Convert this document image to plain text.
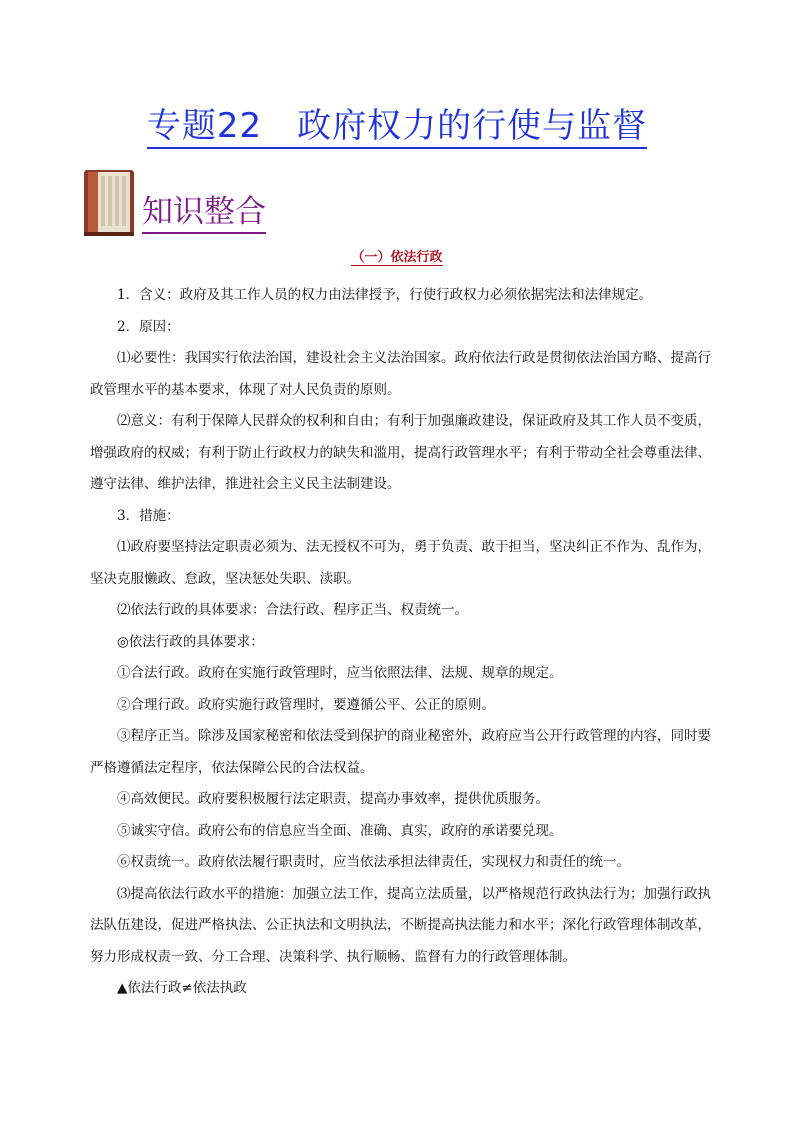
专题22　政府权力的行使与监督
知识整合
（一）依法行政

1．含义：政府及其工作人员的权力由法律授予，行使行政权力必须依据宪法和法律规定。

2．原因：

⑴必要性：我国实行依法治国，建设社会主义法治国家。政府依法行政是贯彻依法治国方略、提高行政管理水平的基本要求，体现了对人民负责的原则。

⑵意义：有利于保障人民群众的权利和自由；有利于加强廉政建设，保证政府及其工作人员不变质，增强政府的权威；有利于防止行政权力的缺失和滥用，提高行政管理水平；有利于带动全社会尊重法律、遵守法律、维护法律，推进社会主义民主法制建设。

3．措施：

⑴政府要坚持法定职责必须为、法无授权不可为，勇于负责、敢于担当，坚决纠正不作为、乱作为，坚决克服懒政、怠政，坚决惩处失职、渎职。

⑵依法行政的具体要求：合法行政、程序正当、权责统一。

◎依法行政的具体要求：

①合法行政。政府在实施行政管理时，应当依照法律、法规、规章的规定。

②合理行政。政府实施行政管理时，要遵循公平、公正的原则。

③程序正当。除涉及国家秘密和依法受到保护的商业秘密外，政府应当公开行政管理的内容，同时要严格遵循法定程序，依法保障公民的合法权益。

④高效便民。政府要积极履行法定职责，提高办事效率，提供优质服务。

⑤诚实守信。政府公布的信息应当全面、准确、真实，政府的承诺要兑现。

⑥权责统一。政府依法履行职责时，应当依法承担法律责任，实现权力和责任的统一。

⑶提高依法行政水平的措施：加强立法工作，提高立法质量，以严格规范行政执法行为；加强行政执法队伍建设，促进严格执法、公正执法和文明执法，不断提高执法能力和水平；深化行政管理体制改革，努力形成权责一致、分工合理、决策科学、执行顺畅、监督有力的行政管理体制。

▲依法行政≠依法执政
